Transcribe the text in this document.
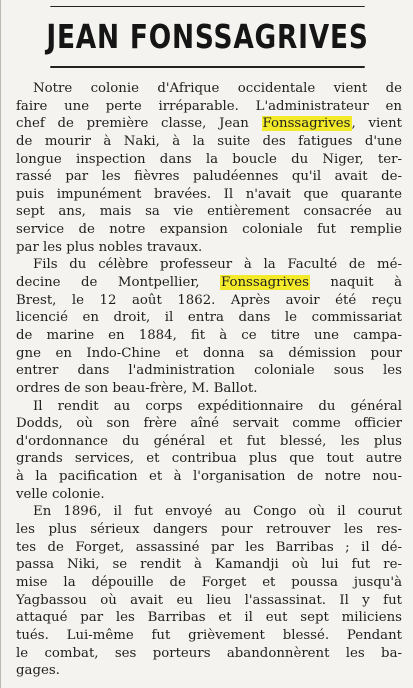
JEAN FONSSAGRIVES
Notre colonie d'Afrique occidentale vient de
faire une perte irréparable. L'administrateur en
chef de première classe, Jean Fonssagrives, vient
de mourir à Naki, à la suite des fatigues d'une
longue inspection dans la boucle du Niger, ter-
rassé par les fièvres paludéennes qu'il avait de-
puis impunément bravées. Il n'avait que quarante
sept ans, mais sa vie entièrement consacrée au
service de notre expansion coloniale fut remplie
par les plus nobles travaux.
Fils du célèbre professeur à la Faculté de mé-
decine de Montpellier, Fonssagrives naquit à
Brest, le 12 août 1862. Après avoir été reçu
licencié en droit, il entra dans le commissariat
de marine en 1884, fit à ce titre une campa-
gne en Indo-Chine et donna sa démission pour
entrer dans l'administration coloniale sous les
ordres de son beau-frère, M. Ballot.
Il rendit au corps expéditionnaire du général
Dodds, où son frère aîné servait comme officier
d'ordonnance du général et fut blessé, les plus
grands services, et contribua plus que tout autre
à la pacification et à l'organisation de notre nou-
velle colonie.
En 1896, il fut envoyé au Congo où il courut
les plus sérieux dangers pour retrouver les res-
tes de Forget, assassiné par les Barribas ; il dé-
passa Niki, se rendit à Kamandji où lui fut re-
mise la dépouille de Forget et poussa jusqu'à
Yagbassou où avait eu lieu l'assassinat. Il y fut
attaqué par les Barribas et il eut sept miliciens
tués. Lui-même fut grièvement blessé. Pendant
le combat, ses porteurs abandonnèrent les ba-
gages.
